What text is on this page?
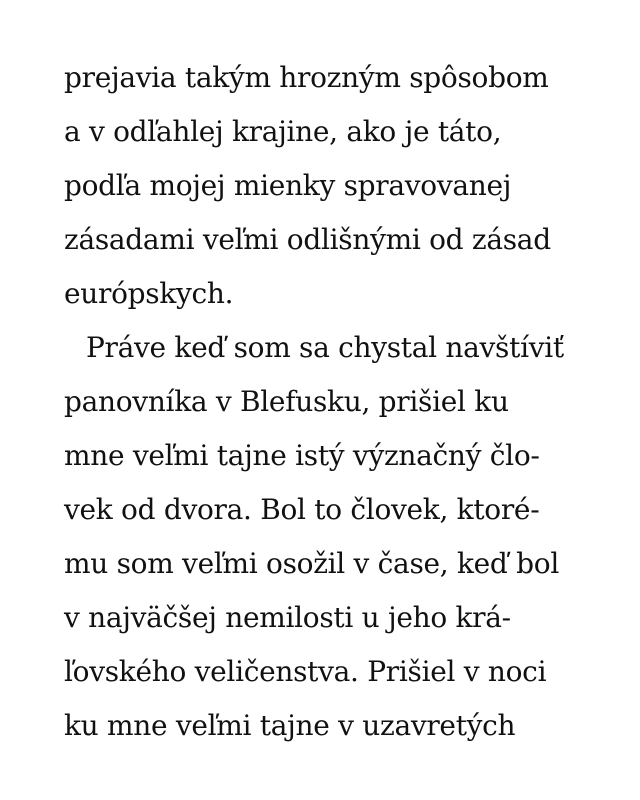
prejavia takým hrozným spôsobom
a v odľahlej krajine, ako je táto,
podľa mojej mienky spravovanej
zásadami veľmi odlišnými od zásad
európskych.
Práve keď som sa chystal navštíviť
panovníka v Blefusku, prišiel ku
mne veľmi tajne istý význačný člo-
vek od dvora. Bol to človek, ktoré-
mu som veľmi osožil v čase, keď bol
v najväčšej nemilosti u jeho krá-
ľovského veličenstva. Prišiel v noci
ku mne veľmi tajne v uzavretých
